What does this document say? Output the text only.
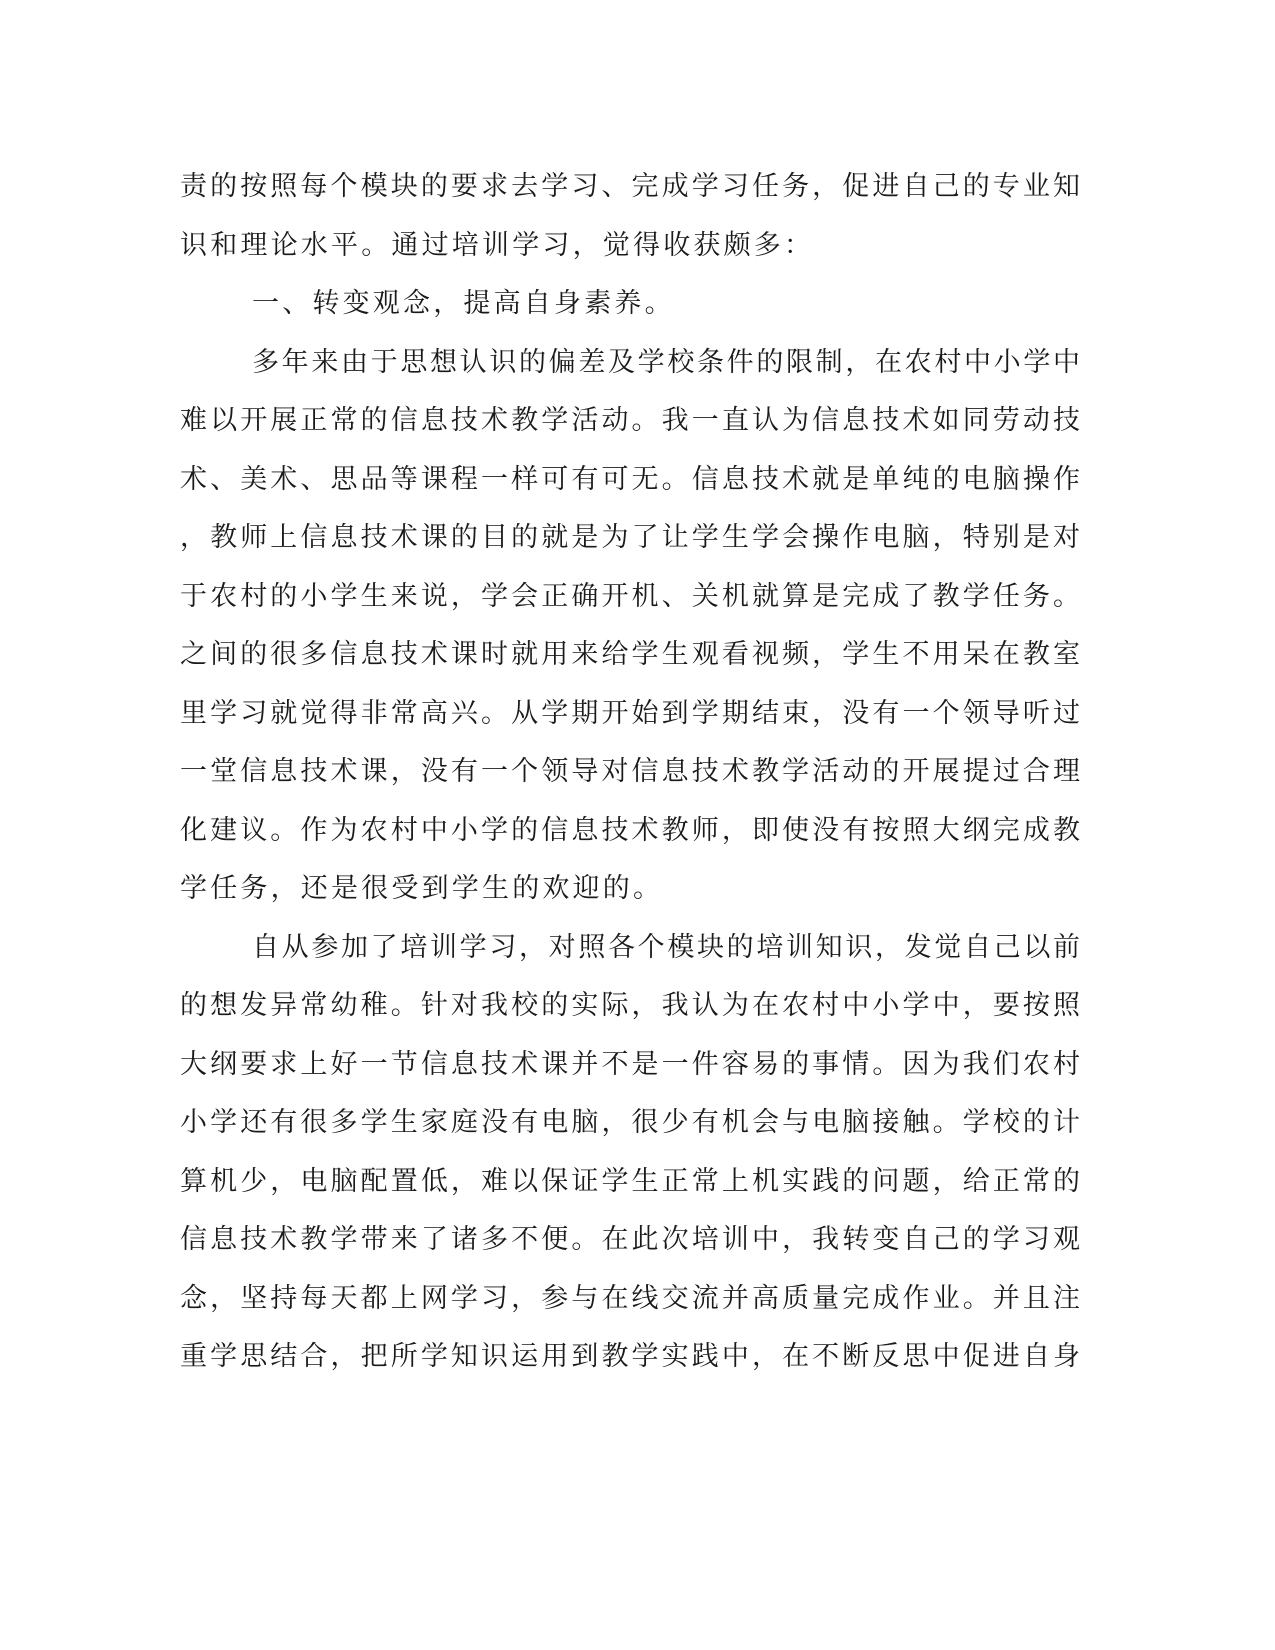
责的按照每个模块的要求去学习、完成学习任务，促进自己的专业知
识和理论水平。通过培训学习，觉得收获颇多：
一、转变观念，提高自身素养。
多年来由于思想认识的偏差及学校条件的限制，在农村中小学中
难以开展正常的信息技术教学活动。我一直认为信息技术如同劳动技
术、美术、思品等课程一样可有可无。信息技术就是单纯的电脑操作
，教师上信息技术课的目的就是为了让学生学会操作电脑，特别是对
于农村的小学生来说，学会正确开机、关机就算是完成了教学任务。
之间的很多信息技术课时就用来给学生观看视频，学生不用呆在教室
里学习就觉得非常高兴。从学期开始到学期结束，没有一个领导听过
一堂信息技术课，没有一个领导对信息技术教学活动的开展提过合理
化建议。作为农村中小学的信息技术教师，即使没有按照大纲完成教
学任务，还是很受到学生的欢迎的。
自从参加了培训学习，对照各个模块的培训知识，发觉自己以前
的想发异常幼稚。针对我校的实际，我认为在农村中小学中，要按照
大纲要求上好一节信息技术课并不是一件容易的事情。因为我们农村
小学还有很多学生家庭没有电脑，很少有机会与电脑接触。学校的计
算机少，电脑配置低，难以保证学生正常上机实践的问题，给正常的
信息技术教学带来了诸多不便。在此次培训中，我转变自己的学习观
念，坚持每天都上网学习，参与在线交流并高质量完成作业。并且注
重学思结合，把所学知识运用到教学实践中，在不断反思中促进自身
